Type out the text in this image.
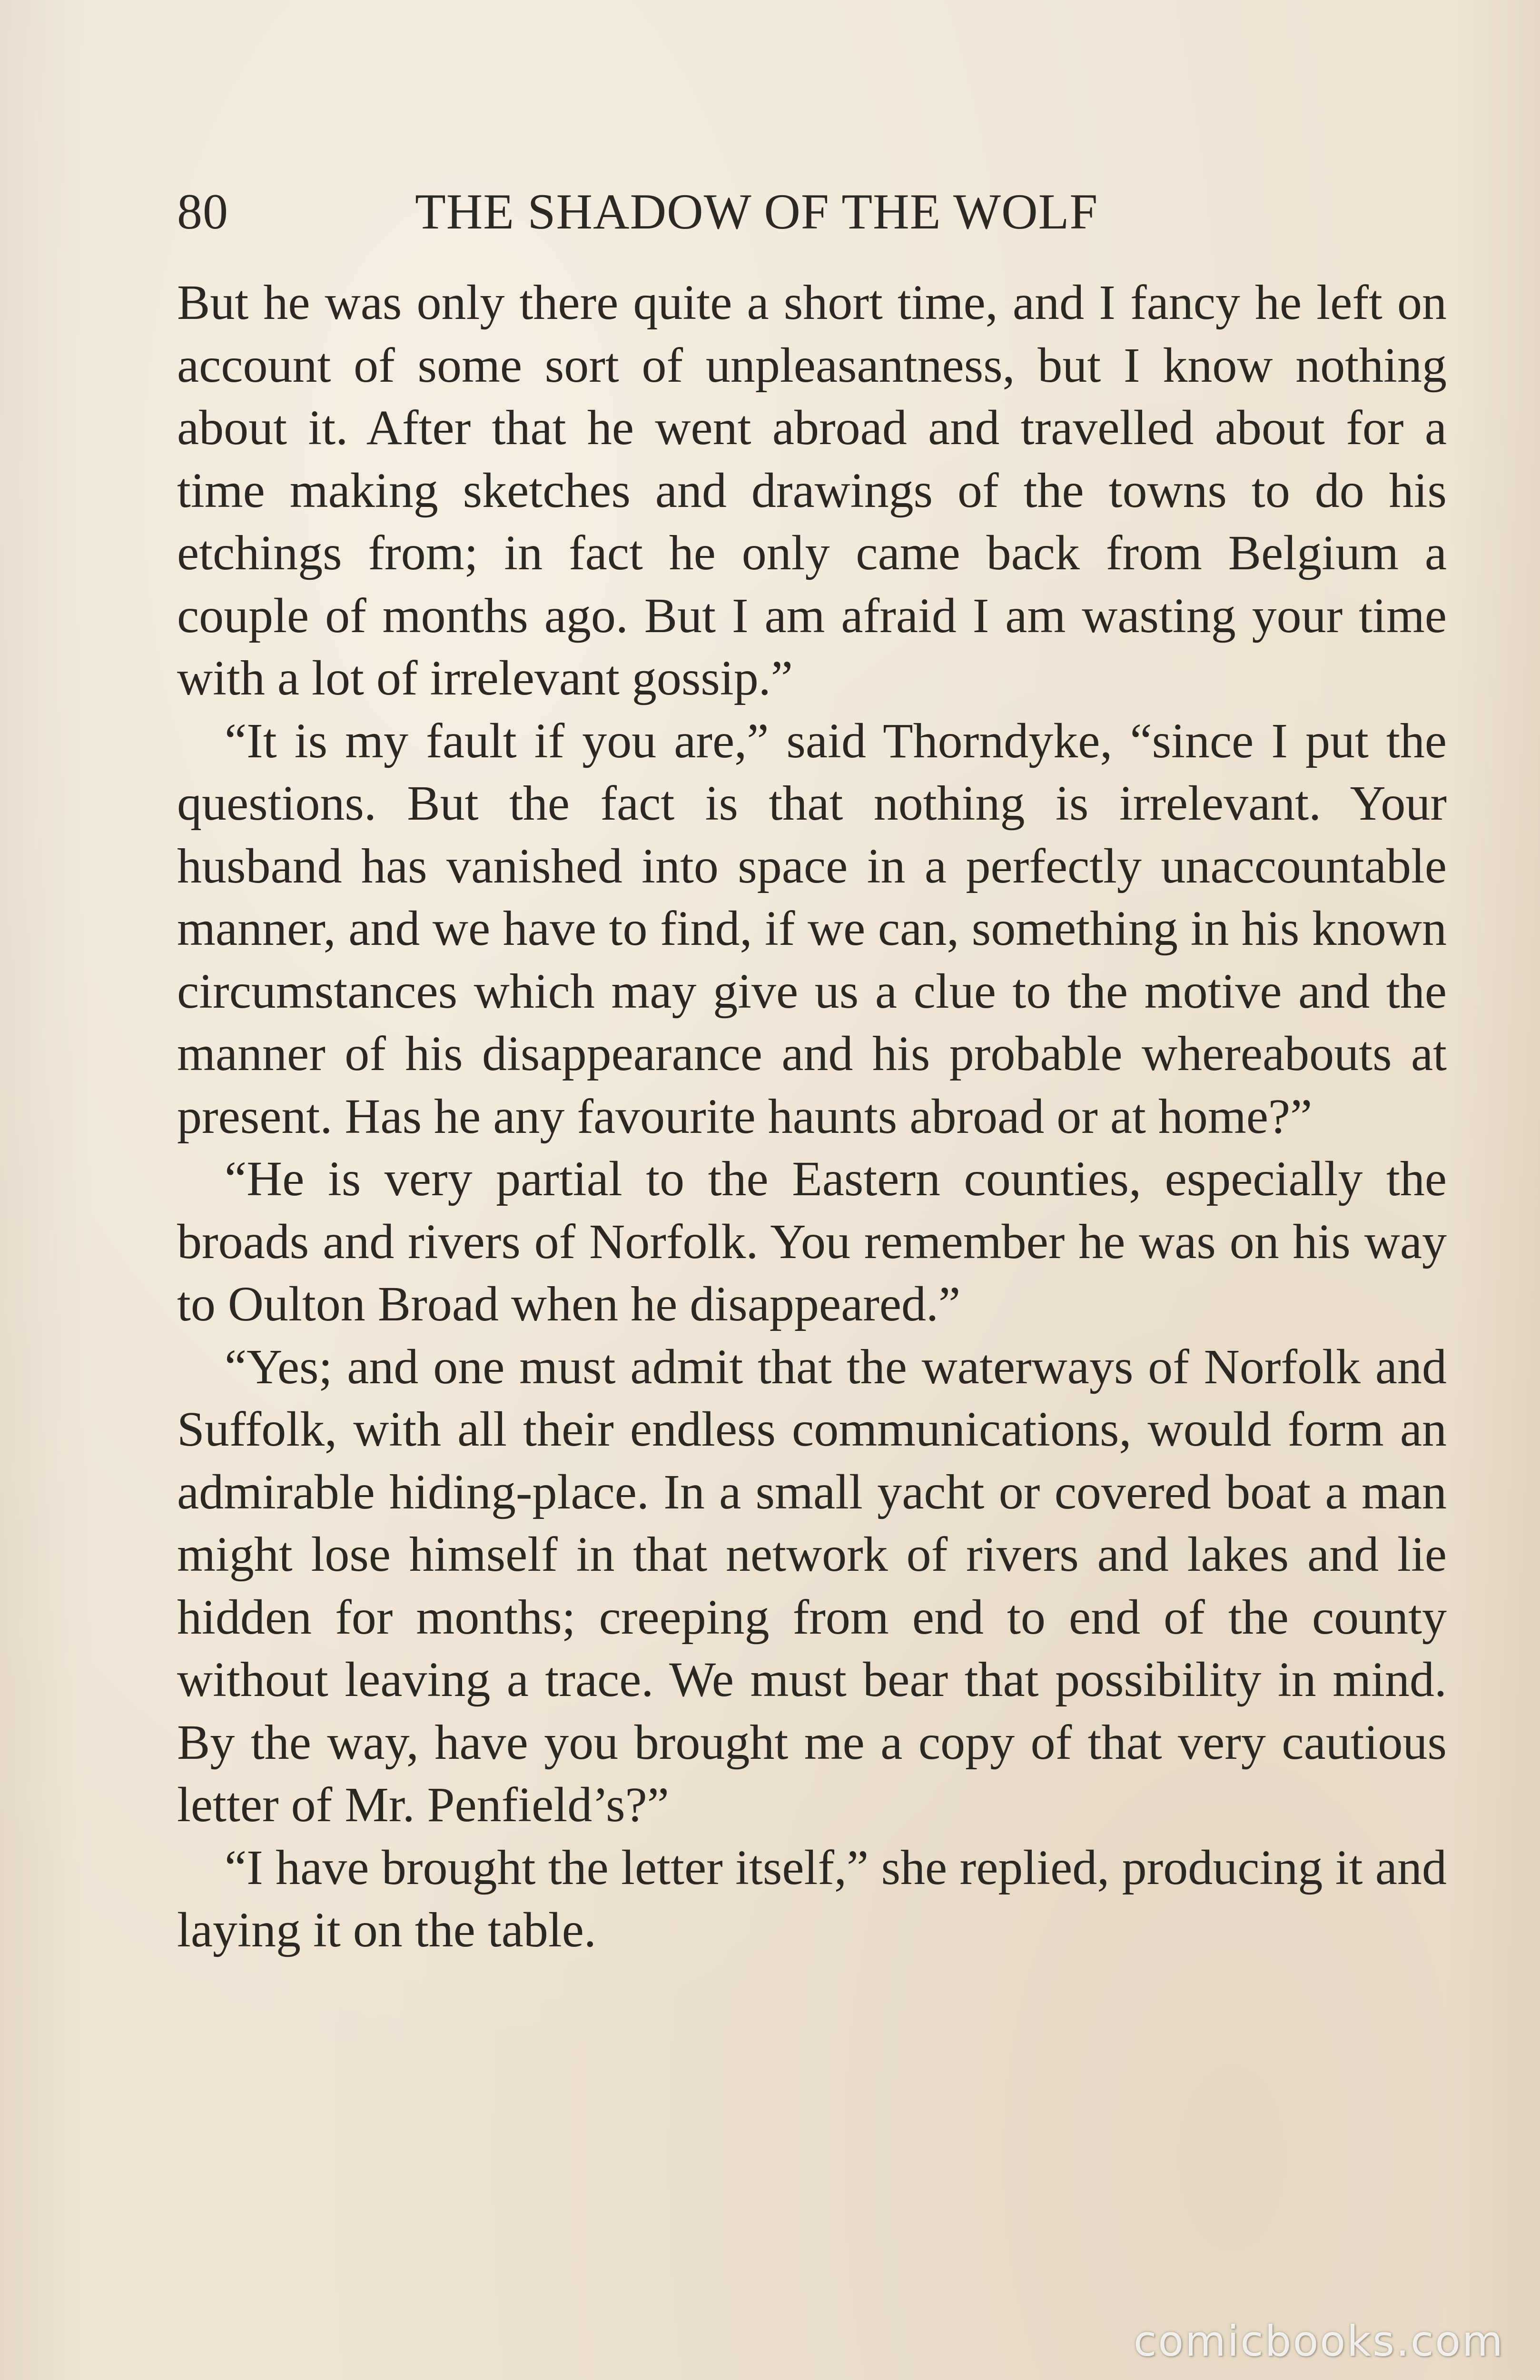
80	THE SHADOW OF THE WOLF

But he was only there quite a short time, and I fancy he left on account of some sort of unpleasantness, but I know nothing about it. After that he went abroad and travelled about for a time making sketches and drawings of the towns to do his etchings from; in fact he only came back from Belgium a couple of months ago. But I am afraid I am wasting your time with a lot of irrelevant gossip.”

“It is my fault if you are,” said Thorndyke, “since I put the questions. But the fact is that nothing is irrelevant. Your husband has vanished into space in a perfectly unaccountable manner, and we have to find, if we can, something in his known circumstances which may give us a clue to the motive and the manner of his disappearance and his probable whereabouts at present. Has he any favourite haunts abroad or at home?”

“He is very partial to the Eastern counties, especially the broads and rivers of Norfolk. You remember he was on his way to Oulton Broad when he disappeared.”

“Yes; and one must admit that the waterways of Norfolk and Suffolk, with all their endless communications, would form an admirable hiding-place. In a small yacht or covered boat a man might lose himself in that network of rivers and lakes and lie hidden for months; creeping from end to end of the county without leaving a trace. We must bear that possibility in mind. By the way, have you brought me a copy of that very cautious letter of Mr. Penfield’s?”

“I have brought the letter itself,” she replied, producing it and laying it on the table.

comicbooks.com
